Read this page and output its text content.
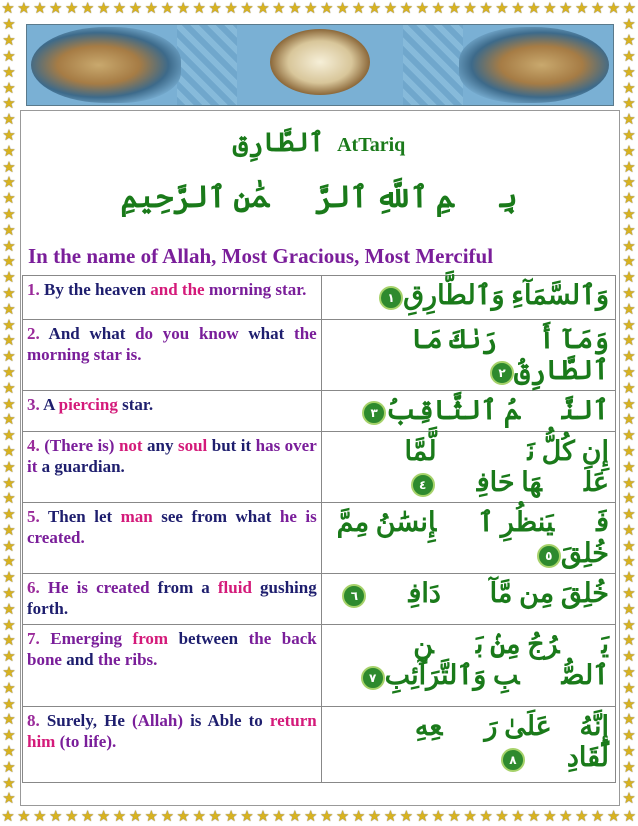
★ ★ ★ ★ ★ ★ ★ ★ ★ ★ ★ ★ ★ ★ ★ ★ ★ ★ ★ ★ ★ ★ ★ ★ ★ ★ ★ ★ ★ ★ ★ ★ ★ ★ ★ ★ ★ ★ ★ ★
★ ★ ★ ★ ★ ★ ★ ★ ★ ★ ★ ★ ★ ★ ★ ★ ★ ★ ★ ★ ★ ★ ★ ★ ★ ★ ★ ★ ★ ★ ★ ★ ★ ★ ★ ★ ★ ★ ★ ★
★
★
★
★
★
★
★
★
★
★
★
★
★
★
★
★
★
★
★
★
★
★
★
★
★
★
★
★
★
★
★
★
★
★
★
★
★
★
★
★
★
★
★
★
★
★
★
★
★
★
★
★
★
★
★
★
★
★
★
★
★
★
★
★
★
★
★
★
★
★
★
★
★
★
★
★
★
★
★
★
★
★
★
★
★
★
★
★
★
★
★
★
★
★
★
★
★
★
★
★
ٱلطَّارِق AtTariq
بِسۡمِ ٱللَّهِ ٱلرَّحۡمَٰنِ ٱلرَّحِيمِ
In the name of Allah, Most Gracious, Most Merciful
1. By the heaven and the morning star.	وَٱلسَّمَآءِ وَٱلطَّارِقِ١
2. And what do you know what the morning star is.	وَمَآ أَدۡرَىٰكَ مَا ٱلطَّارِقُ٢
3. A piercing star.	ٱلنَّجۡمُ ٱلثَّاقِبُ٣
4. (There is) not any soul but it has over it a guardian.	إِن كُلُّ نَفۡسٖ لَّمَّا عَلَيۡهَا حَافِظٞ٤
5. Then let man see from what he is created.	فَلۡيَنظُرِ ٱلۡإِنسَٰنُ مِمَّ خُلِقَ٥
6. He is created from a fluid gushing forth.	خُلِقَ مِن مَّآءٖ دَافِقٖ٦
7. Emerging from between the back bone and the ribs.	يَخۡرُجُ مِنۢ بَيۡنِ ٱلصُّلۡبِ وَٱلتَّرَآئِبِ٧
8. Surely, He (Allah) is Able to return him (to life).	إِنَّهُۥ عَلَىٰ رَجۡعِهِۦ لَقَادِرٞ٨
